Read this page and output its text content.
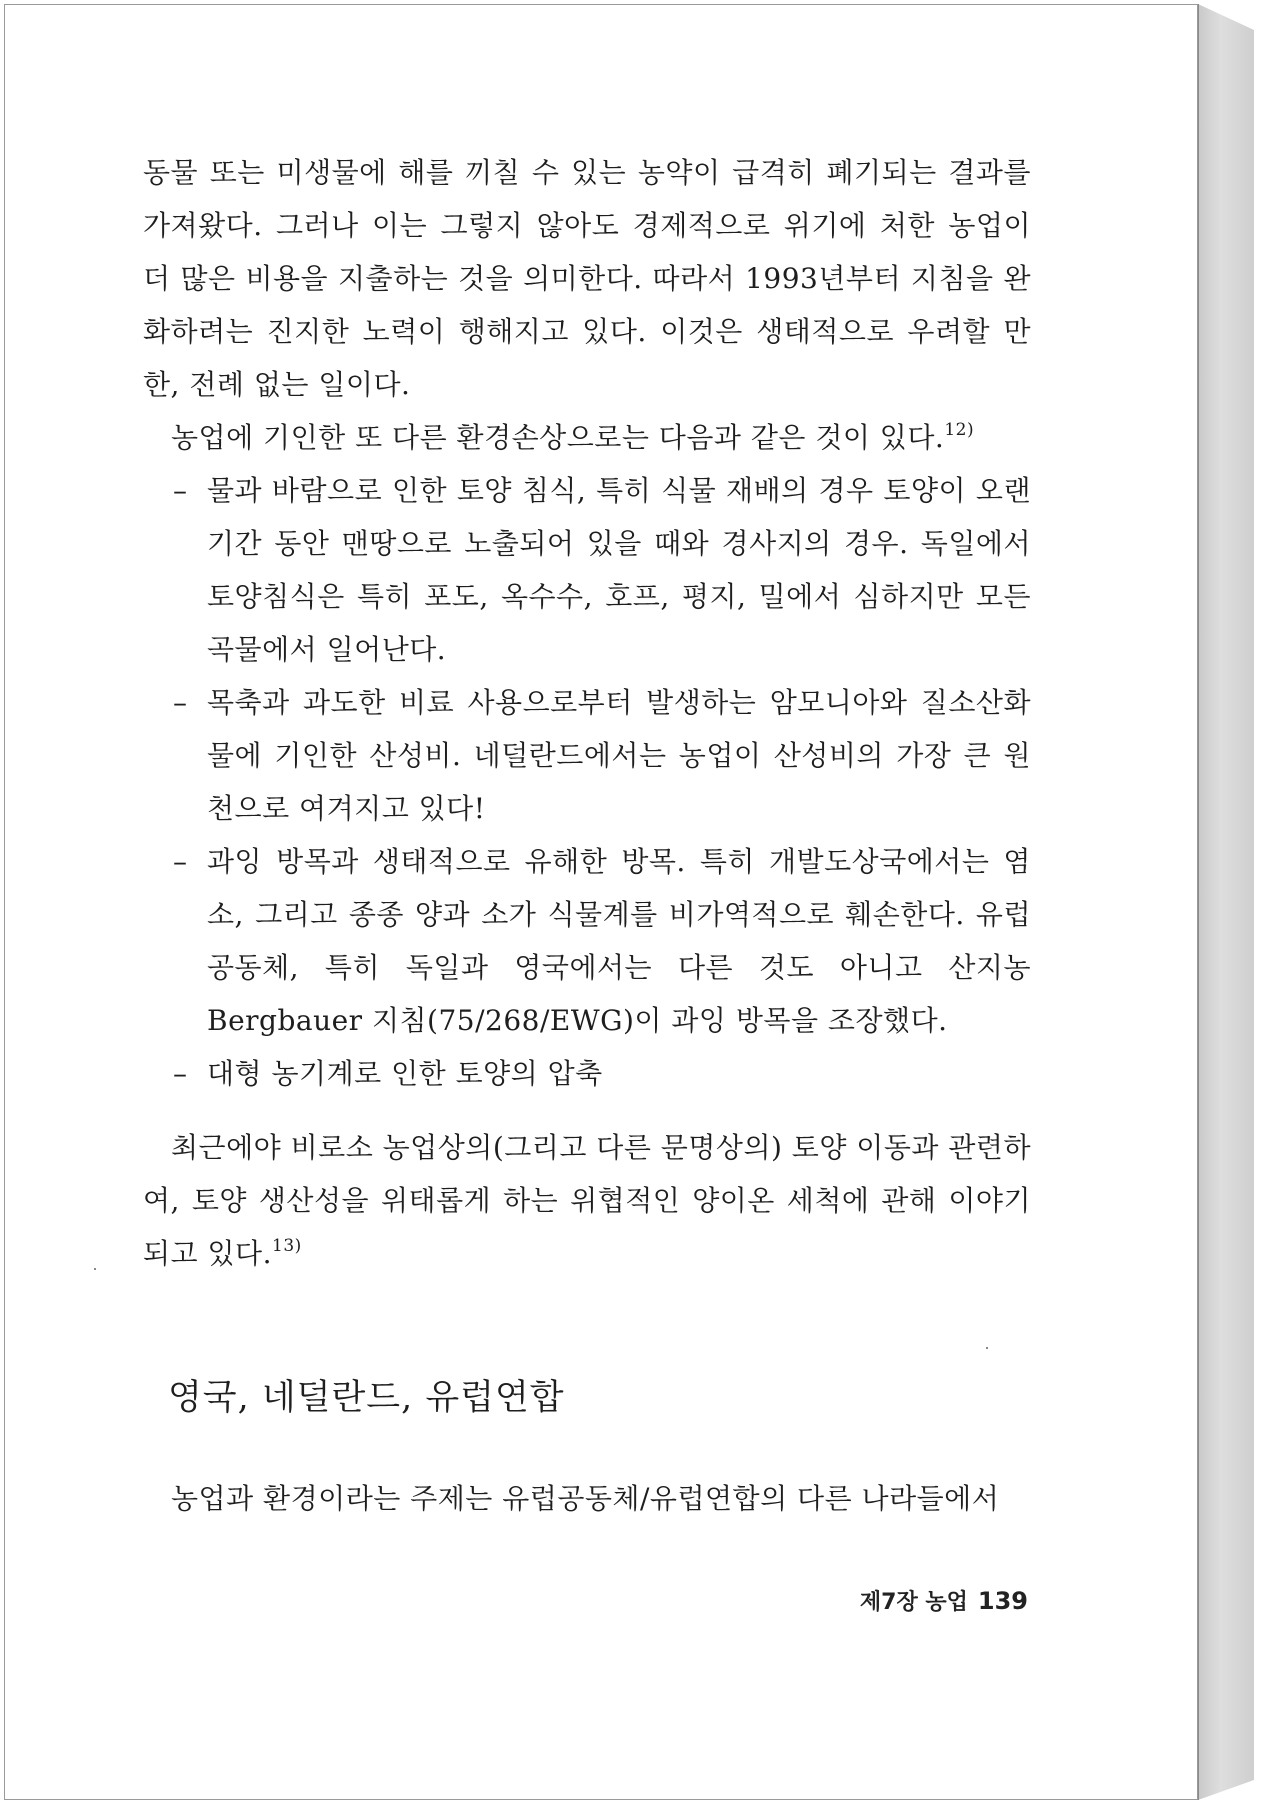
동물 또는 미생물에 해를 끼칠 수 있는 농약이 급격히 폐기되는 결과를 가져왔다. 그러나 이는 그렇지 않아도 경제적으로 위기에 처한 농업이 더 많은 비용을 지출하는 것을 의미한다. 따라서 1993년부터 지침을 완화하려는 진지한 노력이 행해지고 있다. 이것은 생태적으로 우려할 만한, 전례 없는 일이다.

농업에 기인한 또 다른 환경손상으로는 다음과 같은 것이 있다.$^{12)}$

– 물과 바람으로 인한 토양 침식, 특히 식물 재배의 경우 토양이 오랜 기간 동안 맨땅으로 노출되어 있을 때와 경사지의 경우. 독일에서 토양침식은 특히 포도, 옥수수, 호프, 평지, 밀에서 심하지만 모든 곡물에서 일어난다.
– 목축과 과도한 비료 사용으로부터 발생하는 암모니아와 질소산화물에 기인한 산성비. 네덜란드에서는 농업이 산성비의 가장 큰 원천으로 여겨지고 있다!
– 과잉 방목과 생태적으로 유해한 방목. 특히 개발도상국에서는 염소, 그리고 종종 양과 소가 식물계를 비가역적으로 훼손한다. 유럽공동체, 특히 독일과 영국에서는 다른 것도 아니고 산지농 Bergbauer 지침(75/268/EWG)이 과잉 방목을 조장했다.
– 대형 농기계로 인한 토양의 압축

최근에야 비로소 농업상의(그리고 다른 문명상의) 토양 이동과 관련하여, 토양 생산성을 위태롭게 하는 위협적인 양이온 세척에 관해 이야기되고 있다.$^{13)}$

영국, 네덜란드, 유럽연합

농업과 환경이라는 주제는 유럽공동체/유럽연합의 다른 나라들에서

제7장 농업 139
